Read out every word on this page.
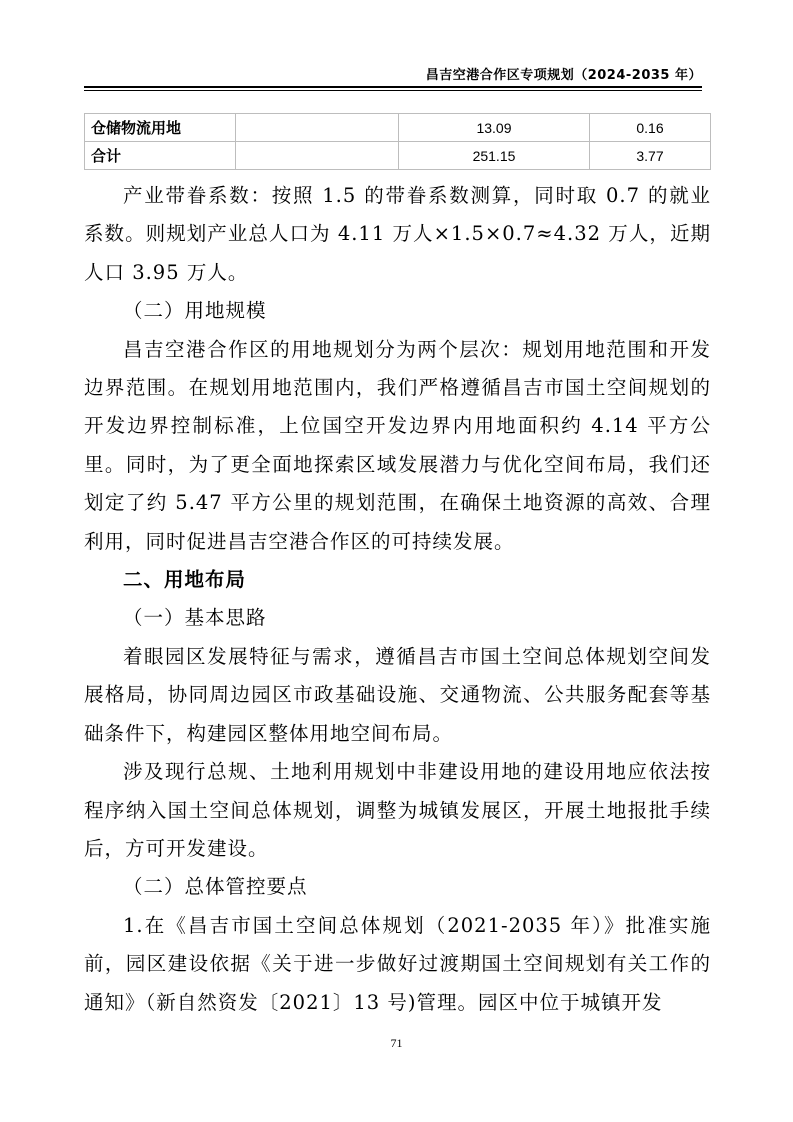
昌吉空港合作区专项规划（2024-2035 年）
仓储物流用地		13.09	0.16
合计		251.15	3.77

产业带眷系数：按照 1.5 的带眷系数测算，同时取 0.7 的就业系数。则规划产业总人口为 4.11 万人×1.5×0.7≈4.32 万人，近期人口 3.95 万人。

（二）用地规模

昌吉空港合作区的用地规划分为两个层次：规划用地范围和开发边界范围。在规划用地范围内，我们严格遵循昌吉市国土空间规划的开发边界控制标准，上位国空开发边界内用地面积约 4.14 平方公里。同时，为了更全面地探索区域发展潜力与优化空间布局，我们还划定了约 5.47 平方公里的规划范围，在确保土地资源的高效、合理利用，同时促进昌吉空港合作区的可持续发展。

二、用地布局

（一）基本思路

着眼园区发展特征与需求，遵循昌吉市国土空间总体规划空间发展格局，协同周边园区市政基础设施、交通物流、公共服务配套等基础条件下，构建园区整体用地空间布局。

涉及现行总规、土地利用规划中非建设用地的建设用地应依法按程序纳入国土空间总体规划，调整为城镇发展区，开展土地报批手续后，方可开发建设。

（二）总体管控要点

1.在《昌吉市国土空间总体规划（2021-2035 年）》批准实施前，园区建设依据《关于进一步做好过渡期国土空间规划有关工作的通知》（新自然资发〔2021〕13 号)管理。园区中位于城镇开发

71
